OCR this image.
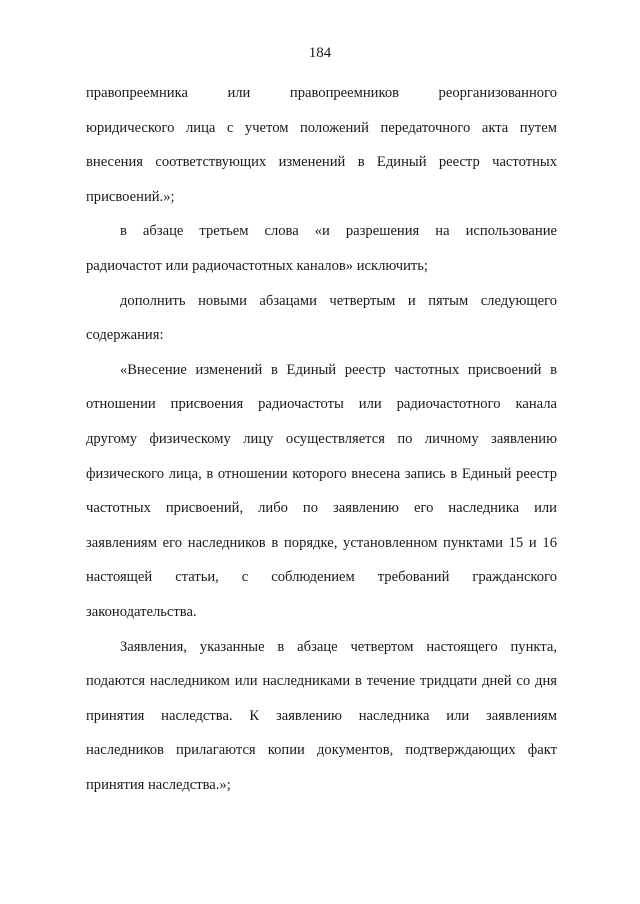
184
правопреемника или правопреемников реорганизованного
юридического лица с учетом положений передаточного акта путем
внесения соответствующих изменений в Единый реестр частотных
присвоений.»;
в абзаце третьем слова «и разрешения на использование
радиочастот или радиочастотных каналов» исключить;
дополнить новыми абзацами четвертым и пятым следующего
содержания:
«Внесение изменений в Единый реестр частотных присвоений в
отношении присвоения радиочастоты или радиочастотного канала
другому физическому лицу осуществляется по личному заявлению
физического лица, в отношении которого внесена запись в Единый реестр
частотных присвоений, либо по заявлению его наследника или
заявлениям его наследников в порядке, установленном пунктами 15 и 16
настоящей статьи, с соблюдением требований гражданского
законодательства.
Заявления, указанные в абзаце четвертом настоящего пункта,
подаются наследником или наследниками в течение тридцати дней со дня
принятия наследства. К заявлению наследника или заявлениям
наследников прилагаются копии документов, подтверждающих факт
принятия наследства.»;
